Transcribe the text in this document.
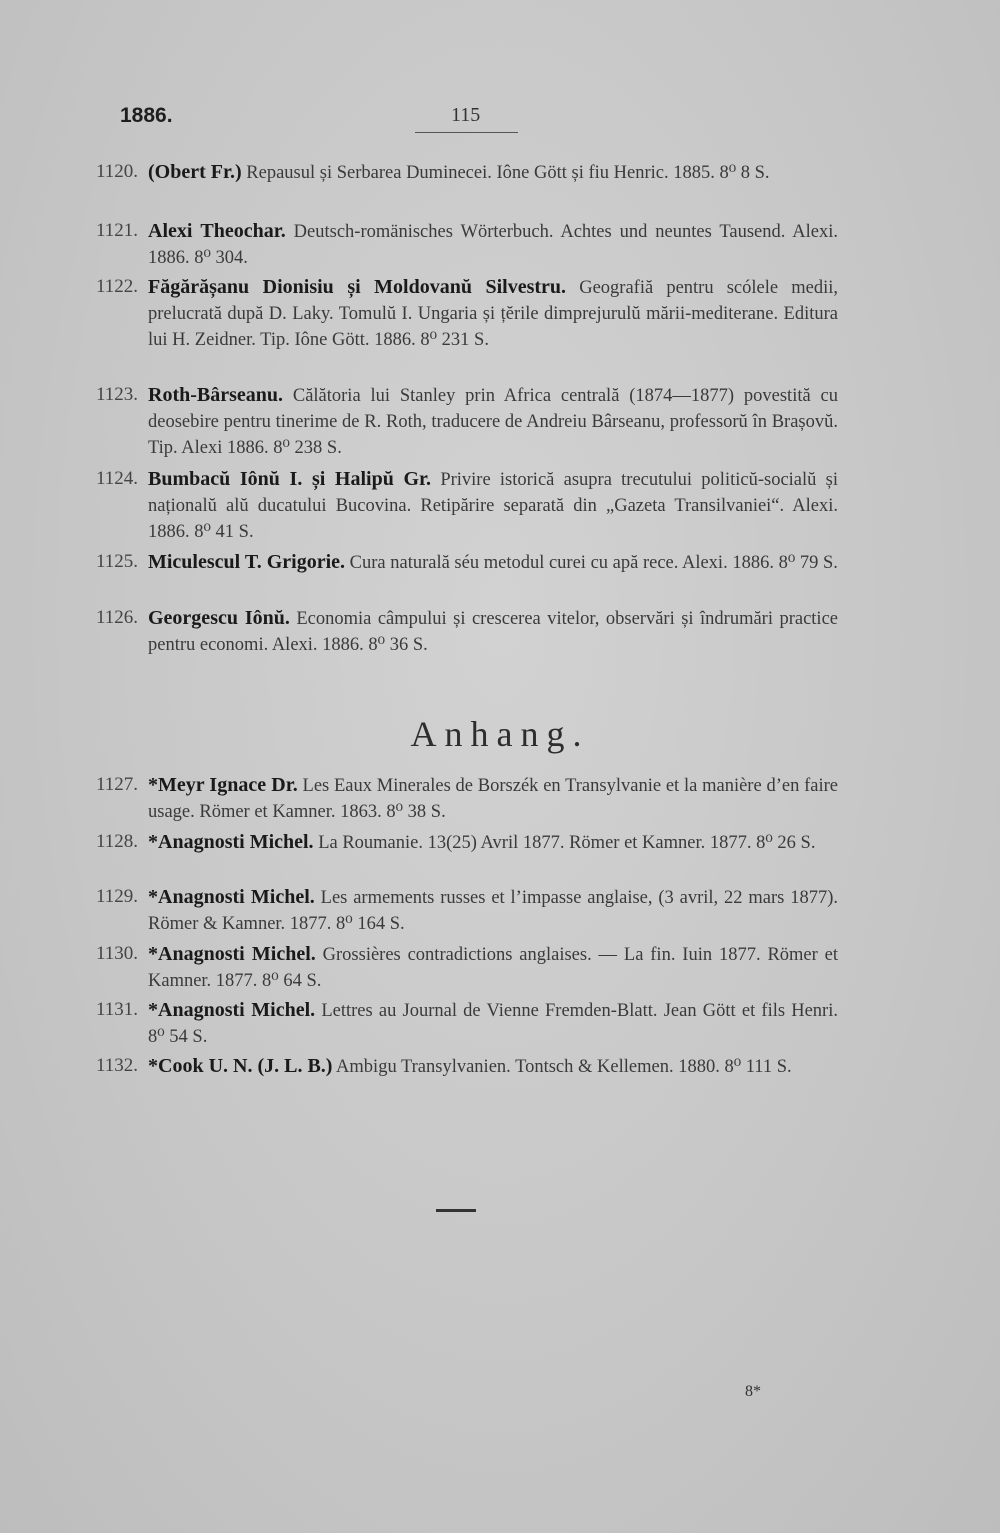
1886.	115
1120. (Obert Fr.) Repausul și Serbarea Duminecei. Iône Gött și fiu Henric. 1885. 8⁰ 8 S.
1121. Alexi Theochar. Deutsch-romänisches Wörterbuch. Achtes und neuntes Tausend. Alexi. 1886. 8⁰ 304.
1122. Făgărășanu Dionisiu și Moldovanŭ Silvestru. Geografiă pentru scólele medii, prelucrată după D. Laky. Tomulŭ I. Ungaria și țĕrile dimprejurulŭ mării-mediterane. Editura lui H. Zeidner. Tip. Iône Gött. 1886. 8⁰ 231 S.
1123. Roth-Bârseanu. Călătoria lui Stanley prin Africa centrală (1874—1877) povestită cu deosebire pentru tinerime de R. Roth, traducere de Andreiu Bârseanu, professorŭ în Brașovŭ. Tip. Alexi 1886. 8⁰ 238 S.
1124. Bumbacŭ Iônŭ I. și Halipŭ Gr. Privire istorică asupra trecutului politicŭ-socialŭ și naționalŭ alŭ ducatului Bucovina. Retipărire separată din „Gazeta Transilvaniei“. Alexi. 1886. 8⁰ 41 S.
1125. Miculescul T. Grigorie. Cura naturală séu metodul curei cu apă rece. Alexi. 1886. 8⁰ 79 S.
1126. Georgescu Iônŭ. Economia câmpului și crescerea vitelor, observări și îndrumări practice pentru economi. Alexi. 1886. 8⁰ 36 S.
Anhang.
1127. *Meyr Ignace Dr. Les Eaux Minerales de Borszék en Transylvanie et la manière d’en faire usage. Römer et Kamner. 1863. 8⁰ 38 S.
1128. *Anagnosti Michel. La Roumanie. 13(25) Avril 1877. Römer et Kamner. 1877. 8⁰ 26 S.
1129. *Anagnosti Michel. Les armements russes et l’impasse anglaise, (3 avril, 22 mars 1877). Römer & Kamner. 1877. 8⁰ 164 S.
1130. *Anagnosti Michel. Grossières contradictions anglaises. — La fin. Iuin 1877. Römer et Kamner. 1877. 8⁰ 64 S.
1131. *Anagnosti Michel. Lettres au Journal de Vienne Fremden-Blatt. Jean Gött et fils Henri. 8⁰ 54 S.
1132. *Cook U. N. (J. L. B.) Ambigu Transylvanien. Tontsch & Kellemen. 1880. 8⁰ 111 S.
8*
